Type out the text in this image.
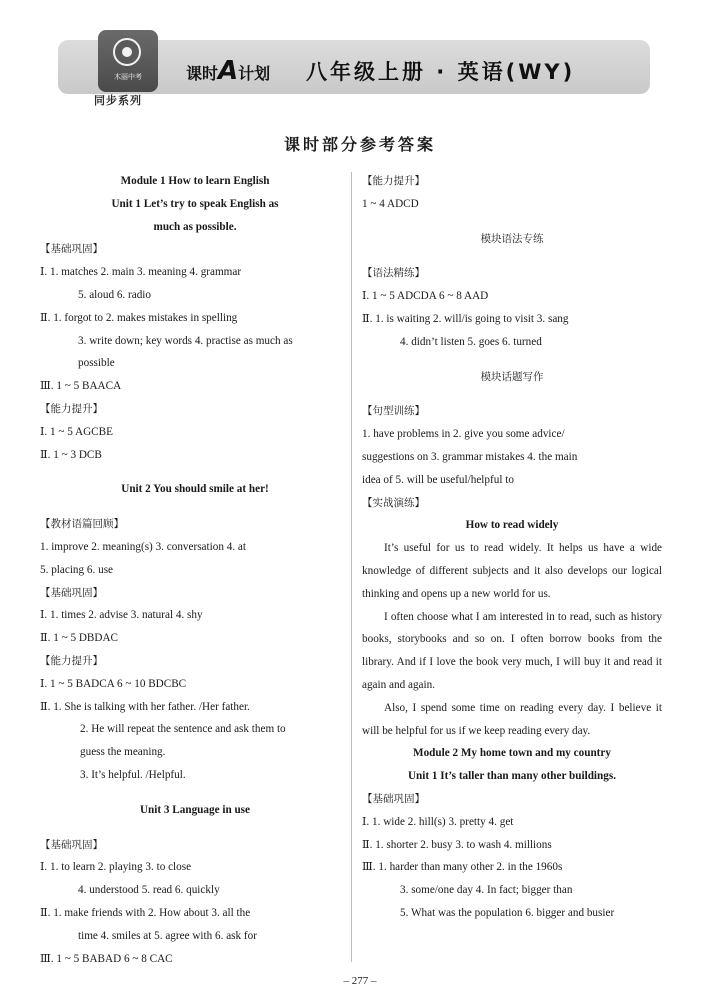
木丽中考
同步系列
课时A计划 八年级上册 · 英语(WY)
课时部分参考答案
Module 1 How to learn English
Unit 1 Let’s try to speak English as
much as possible.
【基础巩固】
Ⅰ. 1. matches 2. main 3. meaning 4. grammar
5. aloud 6. radio
Ⅱ. 1. forgot to 2. makes mistakes in spelling
3. write down; key words 4. practise as much as
possible
Ⅲ. 1 ~ 5 BAACA
【能力提升】
Ⅰ. 1 ~ 5 AGCBE
Ⅱ. 1 ~ 3 DCB
Unit 2 You should smile at her!
【教材语篇回顾】
1. improve 2. meaning(s) 3. conversation 4. at
5. placing 6. use
【基础巩固】
Ⅰ. 1. times 2. advise 3. natural 4. shy
Ⅱ. 1 ~ 5 DBDAC
【能力提升】
Ⅰ. 1 ~ 5 BADCA 6 ~ 10 BDCBC
Ⅱ. 1. She is talking with her father. /Her father.
2. He will repeat the sentence and ask them to
guess the meaning.
3. It’s helpful. /Helpful.
Unit 3 Language in use
【基础巩固】
Ⅰ. 1. to learn 2. playing 3. to close
4. understood 5. read 6. quickly
Ⅱ. 1. make friends with 2. How about 3. all the
time 4. smiles at 5. agree with 6. ask for
Ⅲ. 1 ~ 5 BABAD 6 ~ 8 CAC
【能力提升】
1 ~ 4 ADCD
模块语法专练
【语法精练】
Ⅰ. 1 ~ 5 ADCDA 6 ~ 8 AAD
Ⅱ. 1. is waiting 2. will/is going to visit 3. sang
4. didn’t listen 5. goes 6. turned
模块话题写作
【句型训练】
1. have problems in 2. give you some advice/
suggestions on 3. grammar mistakes 4. the main
idea of 5. will be useful/helpful to
【实战演练】
How to read widely
It’s useful for us to read widely. It helps us have a wide knowledge of different subjects and it also develops our logical thinking and opens up a new world for us.
I often choose what I am interested in to read, such as history books, storybooks and so on. I often borrow books from the library. And if I love the book very much, I will buy it and read it again and again.
Also, I spend some time on reading every day. I believe it will be helpful for us if we keep reading every day.
Module 2 My home town and my country
Unit 1 It’s taller than many other buildings.
【基础巩固】
Ⅰ. 1. wide 2. hill(s) 3. pretty 4. get
Ⅱ. 1. shorter 2. busy 3. to wash 4. millions
Ⅲ. 1. harder than many other 2. in the 1960s
3. some/one day 4. In fact; bigger than
5. What was the population 6. bigger and busier
– 277 –
